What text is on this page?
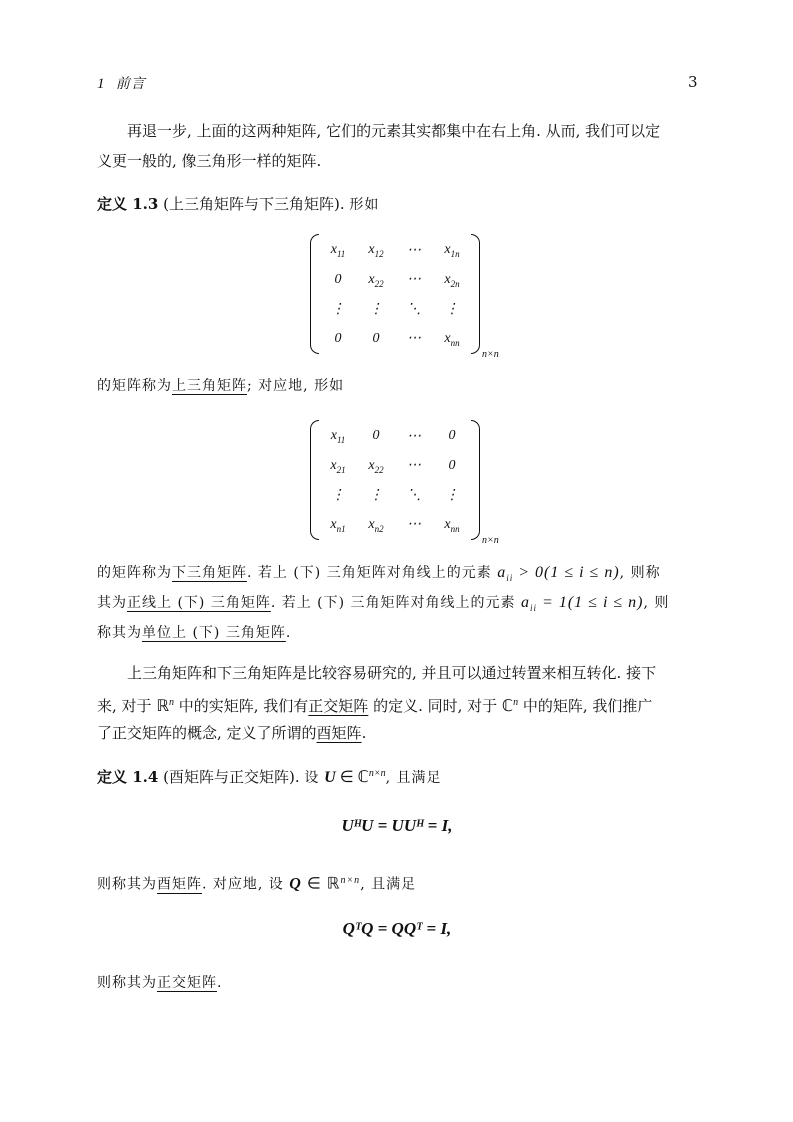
1 前言	3
再退一步, 上面的这两种矩阵, 它们的元素其实都集中在右上角. 从而, 我们可以定
义更一般的, 像三角形一样的矩阵.
定义 1.3 (上三角矩阵与下三角矩阵). 形如
$x_{11}$	$x_{12}$	⋯	$x_{1n}$
0	$x_{22}$	⋯	$x_{2n}$
⋮	⋮	⋱	⋮
0	0	⋯	$x_{nn}$
n×n
的矩阵称为上三角矩阵; 对应地, 形如
$x_{11}$	0	⋯	0
$x_{21}$	$x_{22}$	⋯	0
⋮	⋮	⋱	⋮
$x_{n1}$	$x_{n2}$	⋯	$x_{nn}$
n×n
的矩阵称为下三角矩阵. 若上 (下) 三角矩阵对角线上的元素 $a_{ii} > 0(1 \le i \le n)$, 则称
其为正线上 (下) 三角矩阵. 若上 (下) 三角矩阵对角线上的元素 $a_{ii} = 1(1 \le i \le n)$, 则
称其为单位上 (下) 三角矩阵.
上三角矩阵和下三角矩阵是比较容易研究的, 并且可以通过转置来相互转化. 接下
来, 对于 ℝ$^n$ 中的实矩阵, 我们有正交矩阵 的定义. 同时, 对于 ℂ$^n$ 中的矩阵, 我们推广
了正交矩阵的概念, 定义了所谓的酉矩阵.
定义 1.4 (酉矩阵与正交矩阵). 设 U ∈ ℂ$^{n\times n}$, 且满足
UᴴU = UUᴴ = I,
则称其为酉矩阵. 对应地, 设 Q ∈ ℝ$^{n\times n}$, 且满足
QᵀQ = QQᵀ = I,
则称其为正交矩阵.
